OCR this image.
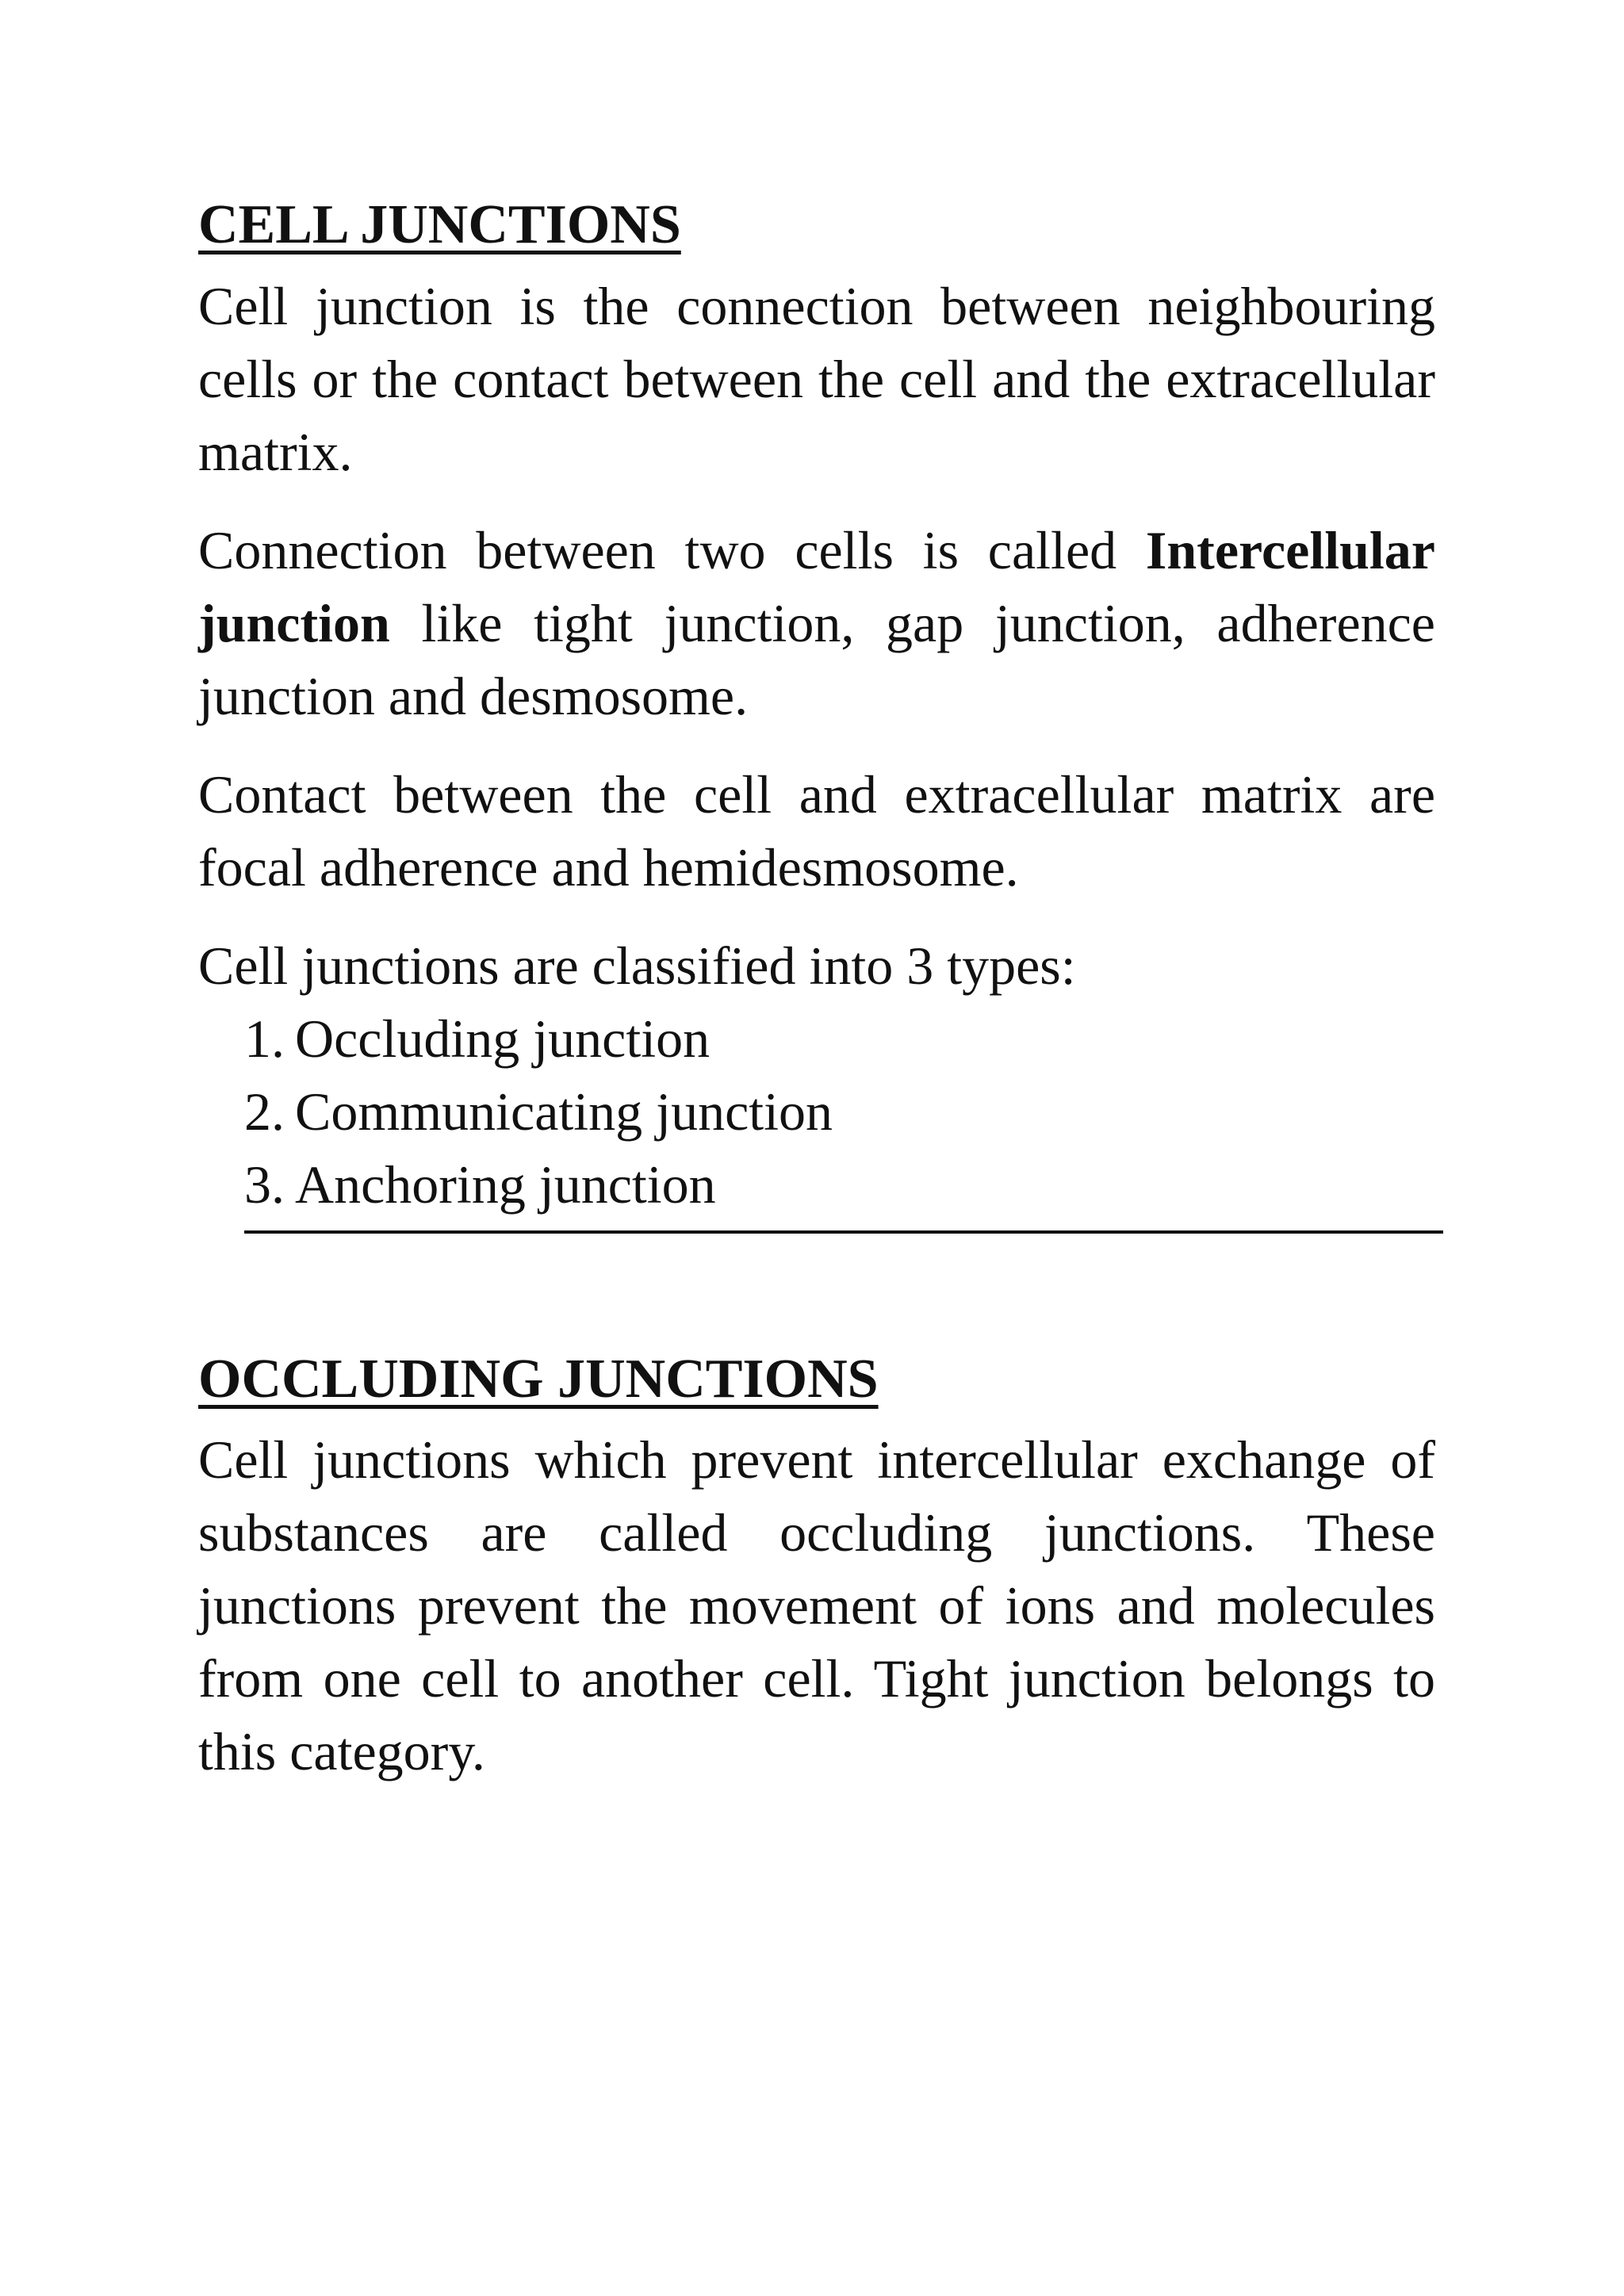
CELL JUNCTIONS

Cell junction is the connection between neighbouring cells or the contact between the cell and the extracellular matrix.

Connection between two cells is called Intercellular junction like tight junction, gap junction, adherence junction and desmosome.

Contact between the cell and extracellular matrix are focal adherence and hemidesmosome.

Cell junctions are classified into 3 types:

1. Occluding junction
2. Communicating junction
3. Anchoring junction
OCCLUDING JUNCTIONS

Cell junctions which prevent intercellular exchange of substances are called occluding junctions. These junctions prevent the movement of ions and molecules from one cell to another cell. Tight junction belongs to this category.
